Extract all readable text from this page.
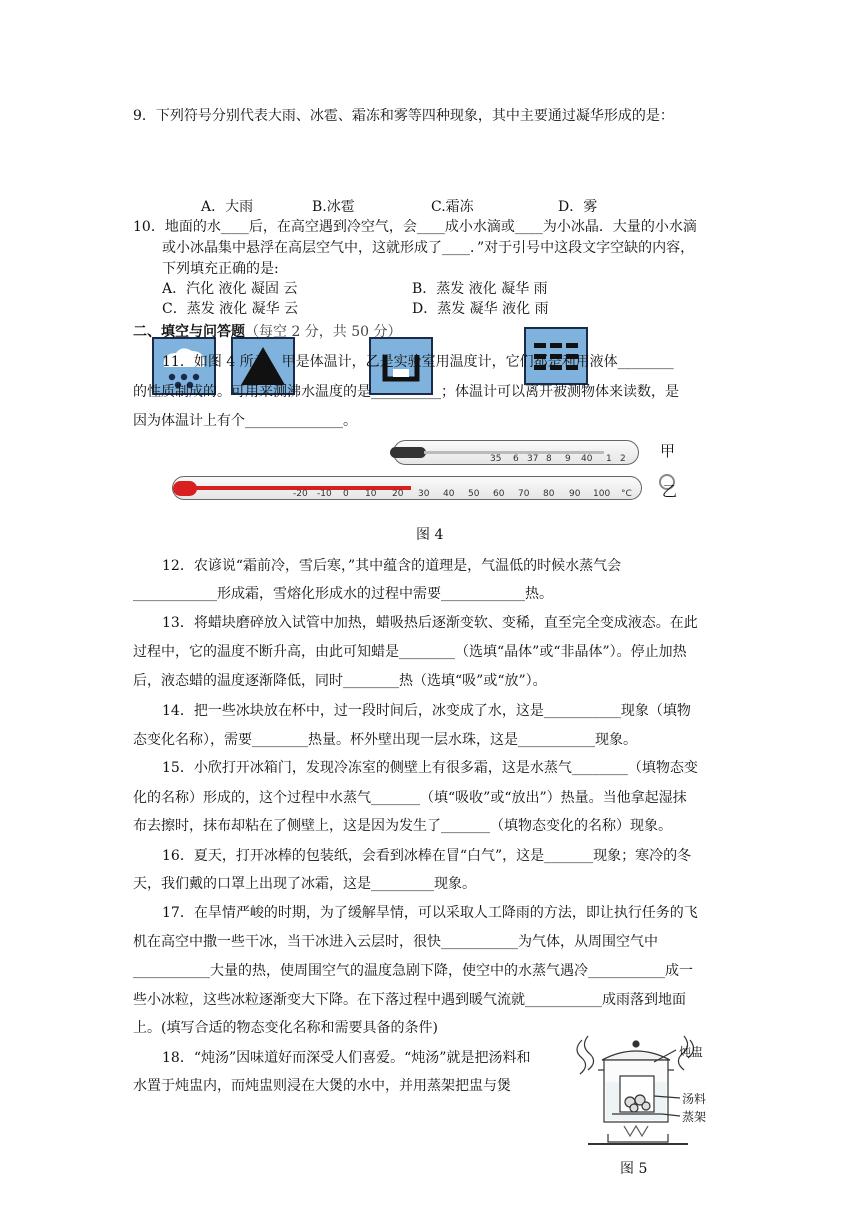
9．下列符号分别代表大雨、冰雹、霜冻和雾等四种现象，其中主要通过凝华形成的是：
A．大雨	B.冰雹	C.霜冻	D．雾
10．地面的水____后，在高空遇到冷空气，会____成小水滴或____为小冰晶．大量的小水滴
或小冰晶集中悬浮在高层空气中，这就形成了____．”对于引号中这段文字空缺的内容，
下列填充正确的是:
A．汽化 液化 凝固 云	B．蒸发 液化 凝华 雨
C．蒸发 液化 凝华 云	D．蒸发 凝华 液化 雨
二、填空与问答题（每空 2 分，共 50 分）
11．如图 4 所示，甲是体温计，乙是实验室用温度计，它们都是利用液体________
的性质制成的。可用来测沸水温度的是__________；体温计可以离开被测物体来读数，是
因为体温计上有个______________。
35 6 37 8 9 40 1 2 甲
-20 -10 0 10 20 30 40 50 60 70 80 90 100 °C 乙
图 4
12．农谚说“霜前冷，雪后寒，”其中蕴含的道理是，气温低的时候水蒸气会
____________形成霜，雪熔化形成水的过程中需要____________热。
13．将蜡块磨碎放入试管中加热，蜡吸热后逐渐变软、变稀，直至完全变成液态。在此
过程中，它的温度不断升高，由此可知蜡是________（选填“晶体”或“非晶体”）。停止加热
后，液态蜡的温度逐渐降低，同时________热（选填“吸”或“放”）。
14．把一些冰块放在杯中，过一段时间后，冰变成了水，这是___________现象（填物
态变化名称），需要________热量。杯外壁出现一层水珠，这是___________现象。
15．小欣打开冰箱门，发现冷冻室的侧壁上有很多霜，这是水蒸气________（填物态变
化的名称）形成的，这个过程中水蒸气_______（填“吸收”或“放出”）热量。当他拿起湿抹
布去擦时，抹布却粘在了侧壁上，这是因为发生了_______（填物态变化的名称）现象。
16．夏天，打开冰棒的包装纸，会看到冰棒在冒“白气”，这是_______现象；寒冷的冬
天，我们戴的口罩上出现了冰霜，这是_________现象。
17．在旱情严峻的时期，为了缓解旱情，可以采取人工降雨的方法，即让执行任务的飞
机在高空中撒一些干冰，当干冰进入云层时，很快___________为气体，从周围空气中
___________大量的热，使周围空气的温度急剧下降，使空中的水蒸气遇冷___________成一
些小冰粒，这些冰粒逐渐变大下降。在下落过程中遇到暖气流就___________成雨落到地面
上。(填写合适的物态变化名称和需要具备的条件)
18．“炖汤”因味道好而深受人们喜爱。“炖汤”就是把汤料和
水置于炖盅内，而炖盅则浸在大煲的水中，并用蒸架把盅与煲
炖盅
汤料
蒸架
图 5
